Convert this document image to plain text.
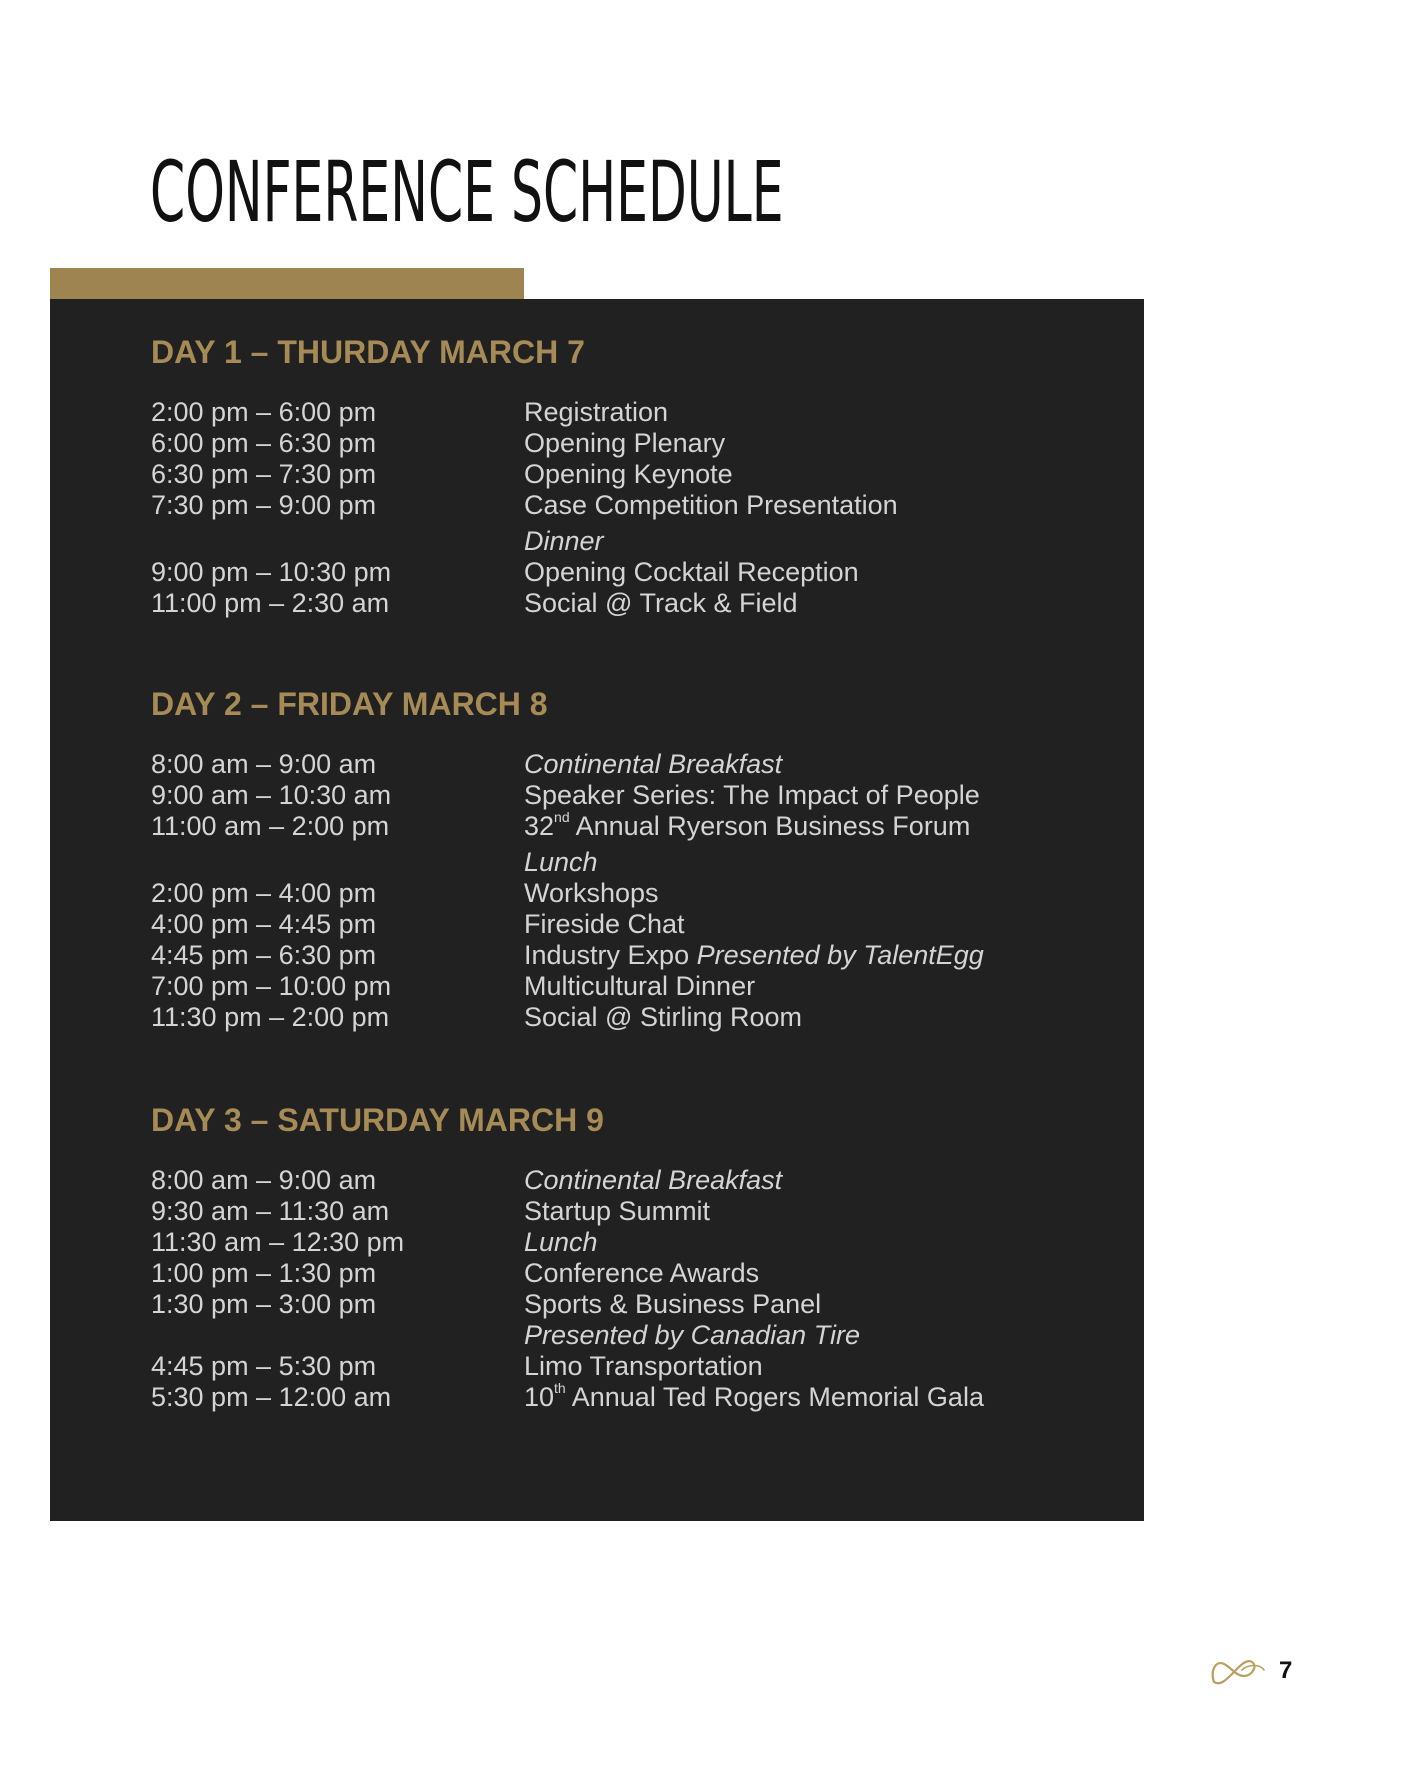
CONFERENCE SCHEDULE
DAY 1 – THURDAY MARCH 7
2:00 pm – 6:00 pm	Registration
6:00 pm – 6:30 pm	Opening Plenary
6:30 pm – 7:30 pm	Opening Keynote
7:30 pm – 9:00 pm	Case Competition Presentation
Dinner
9:00 pm – 10:30 pm	Opening Cocktail Reception
11:00 pm – 2:30 am	Social @ Track & Field
DAY 2 – FRIDAY MARCH 8
8:00 am – 9:00 am	Continental Breakfast
9:00 am – 10:30 am	Speaker Series: The Impact of People
11:00 am – 2:00 pm	32nd Annual Ryerson Business Forum
Lunch
2:00 pm – 4:00 pm	Workshops
4:00 pm – 4:45 pm	Fireside Chat
4:45 pm – 6:30 pm	Industry Expo Presented by TalentEgg
7:00 pm – 10:00 pm	Multicultural Dinner
11:30 pm – 2:00 pm	Social @ Stirling Room
DAY 3 – SATURDAY MARCH 9
8:00 am – 9:00 am	Continental Breakfast
9:30 am – 11:30 am	Startup Summit
11:30 am – 12:30 pm	Lunch
1:00 pm – 1:30 pm	Conference Awards
1:30 pm – 3:00 pm	Sports & Business Panel
Presented by Canadian Tire
4:45 pm – 5:30 pm	Limo Transportation
5:30 pm – 12:00 am	10th Annual Ted Rogers Memorial Gala
7
